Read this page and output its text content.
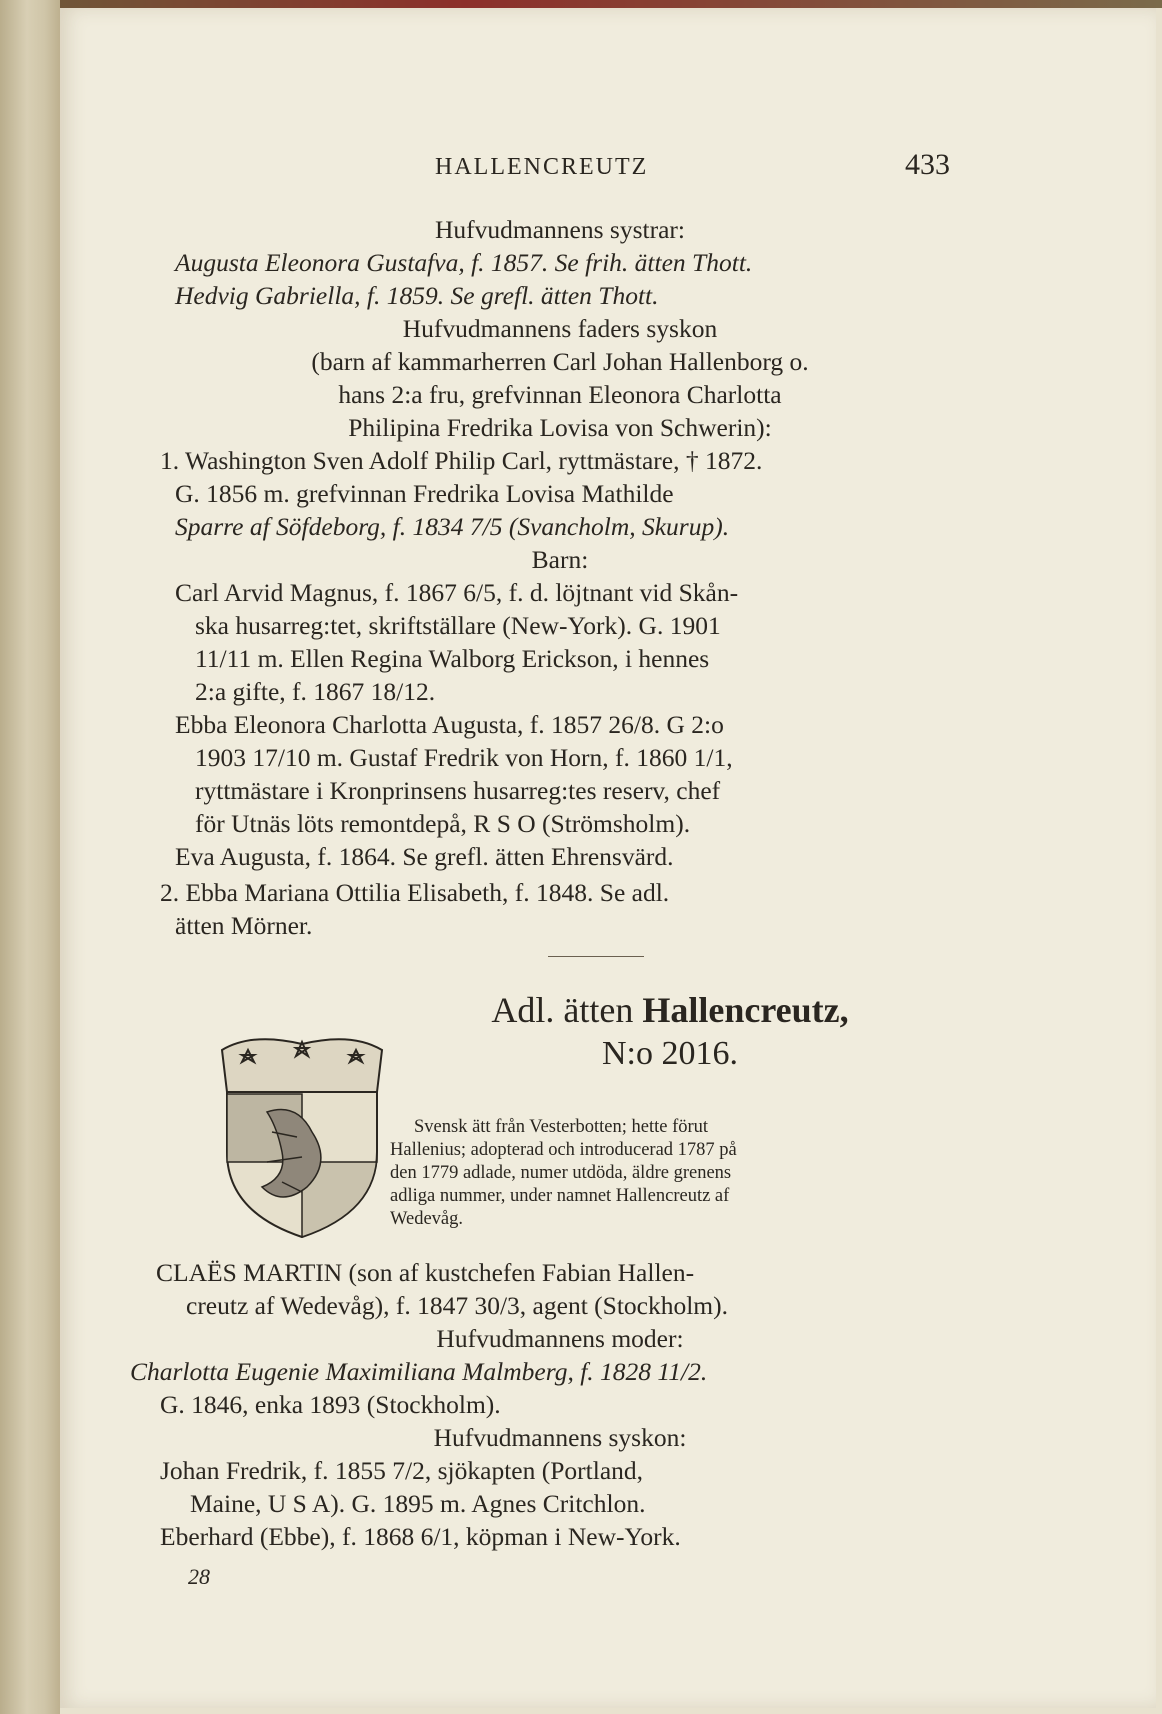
HALLENCREUTZ	433
Hufvudmannens systrar:
Augusta Eleonora Gustafva, f. 1857. Se frih. ätten Thott.
Hedvig Gabriella, f. 1859. Se grefl. ätten Thott.
Hufvudmannens faders syskon
(barn af kammarherren Carl Johan Hallenborg o.
hans 2:a fru, grefvinnan Eleonora Charlotta
Philipina Fredrika Lovisa von Schwerin):
1. Washington Sven Adolf Philip Carl, ryttmästare, † 1872.
G. 1856 m. grefvinnan Fredrika Lovisa Mathilde
Sparre af Söfdeborg, f. 1834 7/5 (Svancholm, Skurup).
Barn:
Carl Arvid Magnus, f. 1867 6/5, f. d. löjtnant vid Skån-
ska husarreg:tet, skriftställare (New-York). G. 1901
11/11 m. Ellen Regina Walborg Erickson, i hennes
2:a gifte, f. 1867 18/12.
Ebba Eleonora Charlotta Augusta, f. 1857 26/8. G 2:o
1903 17/10 m. Gustaf Fredrik von Horn, f. 1860 1/1,
ryttmästare i Kronprinsens husarreg:tes reserv, chef
för Utnäs löts remontdepå, R S O (Strömsholm).
Eva Augusta, f. 1864. Se grefl. ätten Ehrensvärd.
2. Ebba Mariana Ottilia Elisabeth, f. 1848. Se adl.
ätten Mörner.
Adl. ätten Hallencreutz,
N:o 2016.
Svensk ätt från Vesterbotten; hette förut
Hallenius; adopterad och introducerad 1787 på
den 1779 adlade, numer utdöda, äldre grenens
adliga nummer, under namnet Hallencreutz af
Wedevåg.
CLAËS MARTIN (son af kustchefen Fabian Hallen-
creutz af Wedevåg), f. 1847 30/3, agent (Stockholm).
Hufvudmannens moder:
Charlotta Eugenie Maximiliana Malmberg, f. 1828 11/2.
G. 1846, enka 1893 (Stockholm).
Hufvudmannens syskon:
Johan Fredrik, f. 1855 7/2, sjökapten (Portland,
Maine, U S A). G. 1895 m. Agnes Critchlon.
Eberhard (Ebbe), f. 1868 6/1, köpman i New-York.
28
